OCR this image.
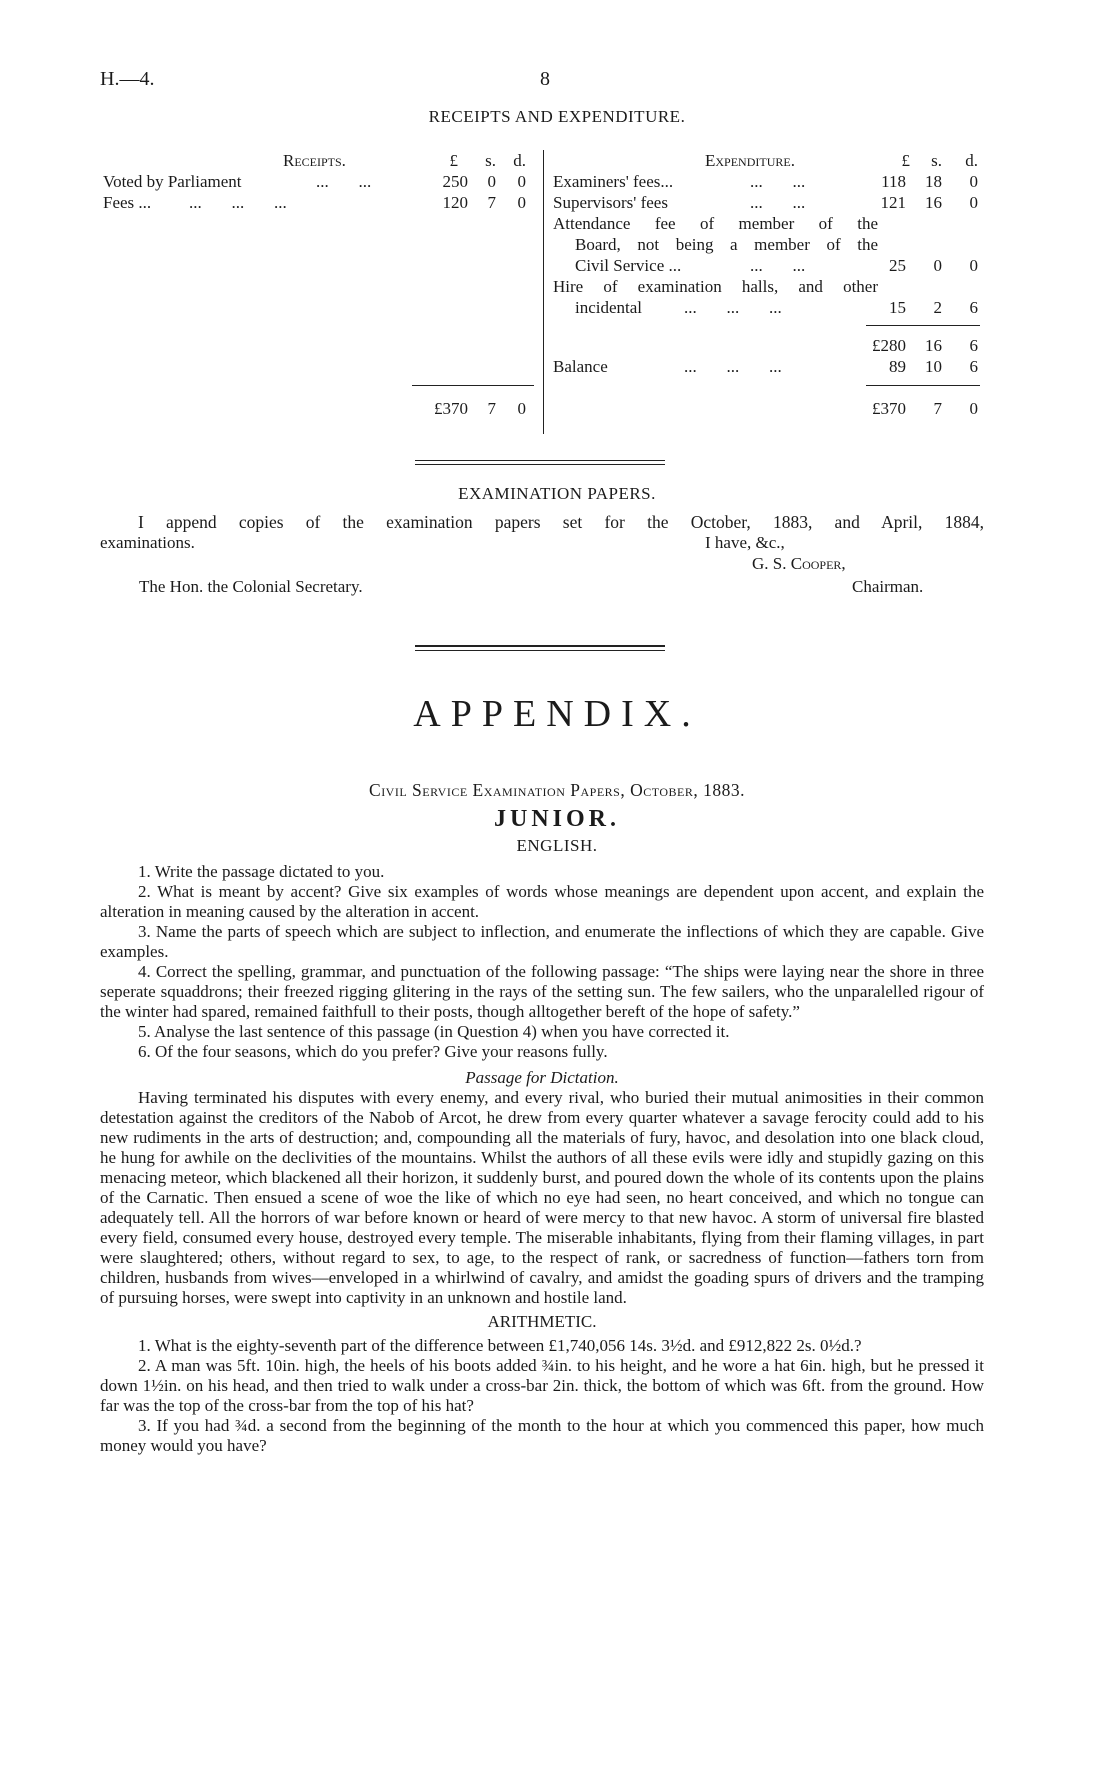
H.—4.	8
RECEIPTS AND EXPENDITURE.
Receipts.	£	s.	d.
Voted by Parliament	...       ...	250	0	0
Fees ... ...       ...       ...	120	7	0
£370	7	0
Expenditure.	£	s.	d.
Examiners' fees...	...       ...	118	18	0
Supervisors' fees	...       ...	121	16	0
Attendance fee of member of the
Board, not being a member of the
Civil Service ...	...       ...	25	0	0
Hire of examination halls, and other
incidental ...       ...       ...	15	2	6
£280	16	6
Balance	...       ...       ...	89	10	6
£370	7	0
EXAMINATION PAPERS.
I append copies of the examination papers set for the October, 1883, and April, 1884,
examinations.	I have, &c.,
G. S. Cooper,
The Hon. the Colonial Secretary.	Chairman.
APPENDIX.
Civil Service Examination Papers, October, 1883.
JUNIOR.
ENGLISH.

1. Write the passage dictated to you.

2. What is meant by accent? Give six examples of words whose meanings are dependent upon accent, and explain the alteration in meaning caused by the alteration in accent.

3. Name the parts of speech which are subject to inflection, and enumerate the inflections of which they are capable. Give examples.

4. Correct the spelling, grammar, and punctuation of the following passage: “The ships were laying near the shore in three seperate squaddrons; their freezed rigging glitering in the rays of the setting sun. The few sailers, who the unparalelled rigour of the winter had spared, remained faithfull to their posts, though alltogether bereft of the hope of safety.”

5. Analyse the last sentence of this passage (in Question 4) when you have corrected it.

6. Of the four seasons, which do you prefer? Give your reasons fully.

Passage for Dictation.

Having terminated his disputes with every enemy, and every rival, who buried their mutual animosities in their common detestation against the creditors of the Nabob of Arcot, he drew from every quarter whatever a savage ferocity could add to his new rudiments in the arts of destruction; and, compounding all the materials of fury, havoc, and desolation into one black cloud, he hung for awhile on the declivities of the mountains. Whilst the authors of all these evils were idly and stupidly gazing on this menacing meteor, which blackened all their horizon, it suddenly burst, and poured down the whole of its contents upon the plains of the Carnatic. Then ensued a scene of woe the like of which no eye had seen, no heart conceived, and which no tongue can adequately tell. All the horrors of war before known or heard of were mercy to that new havoc. A storm of universal fire blasted every field, consumed every house, destroyed every temple. The miserable inhabitants, flying from their flaming villages, in part were slaughtered; others, without regard to sex, to age, to the respect of rank, or sacredness of function—fathers torn from children, husbands from wives—enveloped in a whirlwind of cavalry, and amidst the goading spurs of drivers and the tramping of pursuing horses, were swept into captivity in an unknown and hostile land.

ARITHMETIC.

1. What is the eighty-seventh part of the difference between £1,740,056 14s. 3½d. and £912,822 2s. 0½d.?

2. A man was 5ft. 10in. high, the heels of his boots added ¾in. to his height, and he wore a hat 6in. high, but he pressed it down 1½in. on his head, and then tried to walk under a cross-bar 2in. thick, the bottom of which was 6ft. from the ground. How far was the top of the cross-bar from the top of his hat?

3. If you had ¾d. a second from the beginning of the month to the hour at which you commenced this paper, how much money would you have?
